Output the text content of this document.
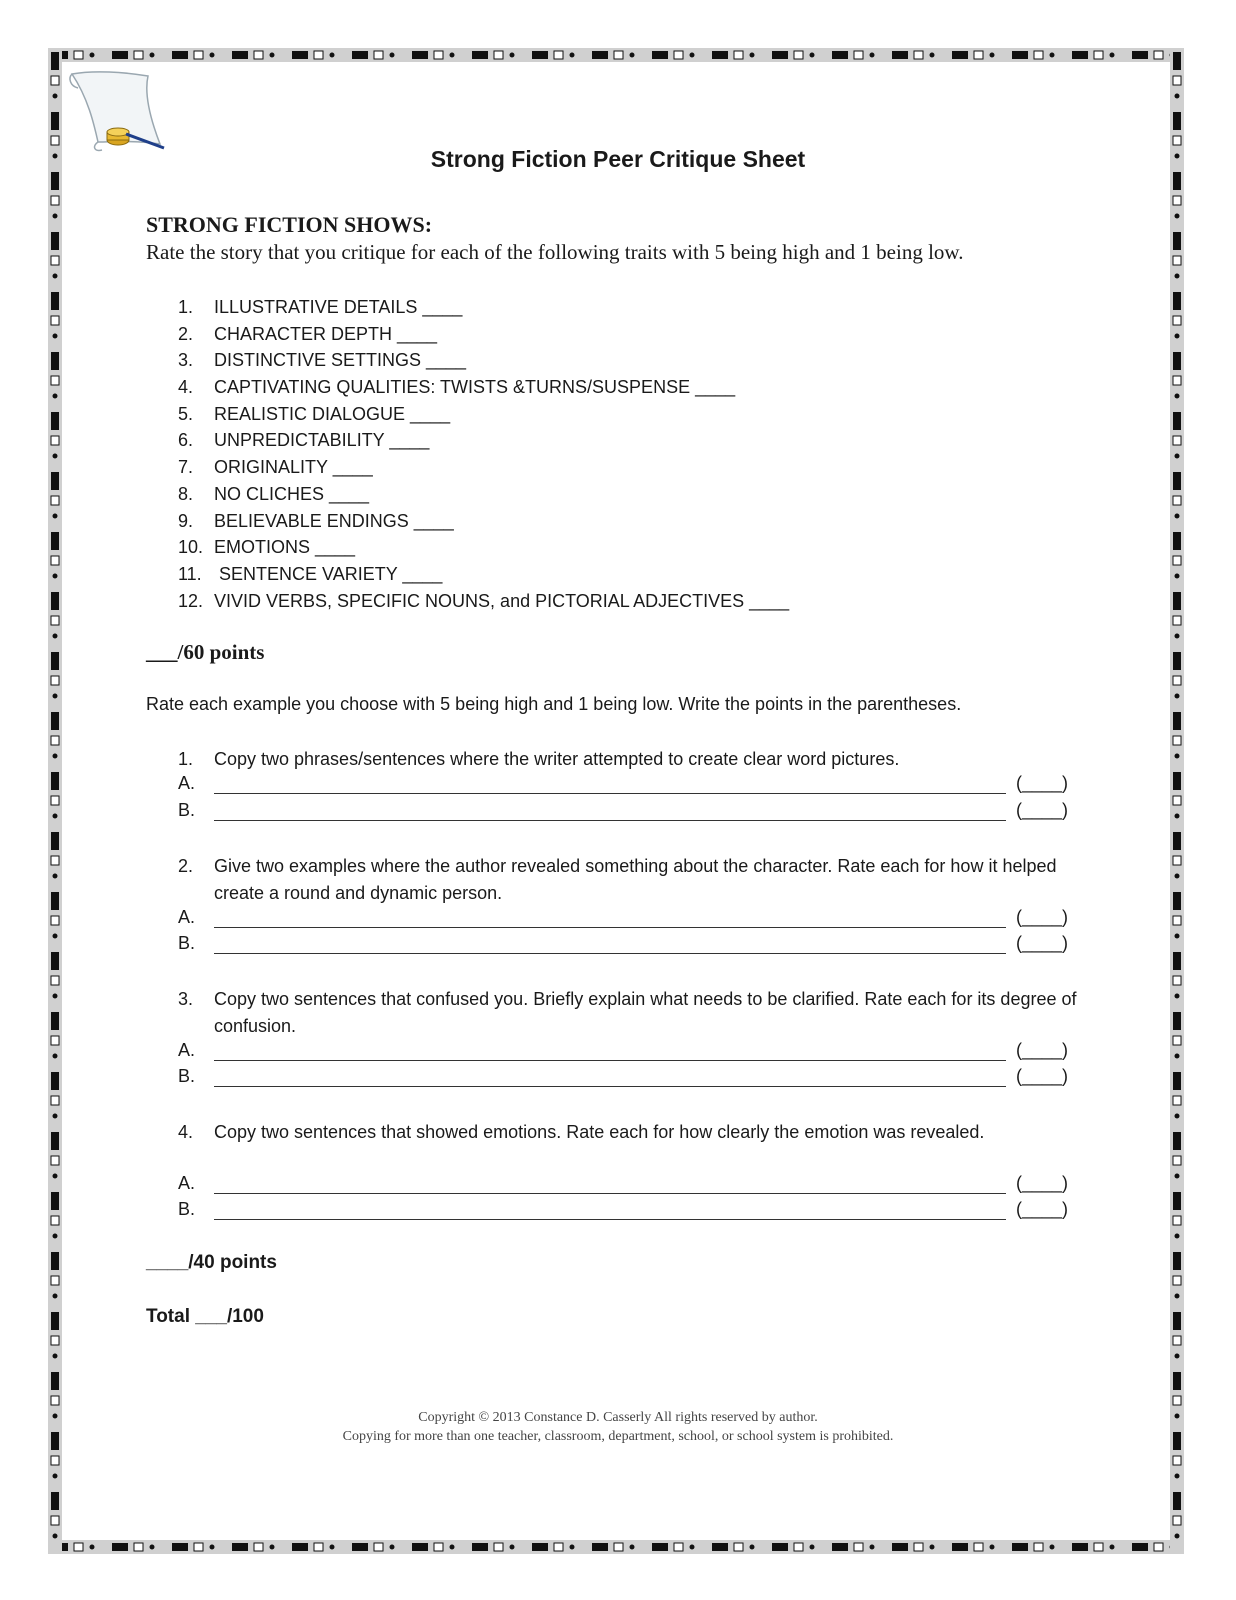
Strong Fiction Peer Critique Sheet
STRONG FICTION SHOWS:
Rate the story that you critique for each of the following traits with 5 being high and 1 being low.
1. ILLUSTRATIVE DETAILS ____
2. CHARACTER DEPTH ____
3. DISTINCTIVE SETTINGS ____
4. CAPTIVATING QUALITIES: TWISTS &TURNS/SUSPENSE ____
5. REALISTIC DIALOGUE ____
6. UNPREDICTABILITY ____
7. ORIGINALITY ____
8. NO CLICHES ____
9. BELIEVABLE ENDINGS ____
10. EMOTIONS ____
11. SENTENCE VARIETY ____
12. VIVID VERBS, SPECIFIC NOUNS, and PICTORIAL ADJECTIVES ____
___/60 points
Rate each example you choose with 5 being high and 1 being low. Write the points in the parentheses.
1. Copy two phrases/sentences where the writer attempted to create clear word pictures.
A.	(____)
B.	(____)
2. Give two examples where the author revealed something about the character. Rate each for how it helped create a round and dynamic person.
A.	(____)
B.	(____)
3. Copy two sentences that confused you. Briefly explain what needs to be clarified. Rate each for its degree of confusion.
A.	(____)
B.	(____)
4. Copy two sentences that showed emotions. Rate each for how clearly the emotion was revealed.
A.	(____)
B.	(____)
____/40 points
Total ___/100
Copyright © 2013 Constance D. Casserly All rights reserved by author.
Copying for more than one teacher, classroom, department, school, or school system is prohibited.
